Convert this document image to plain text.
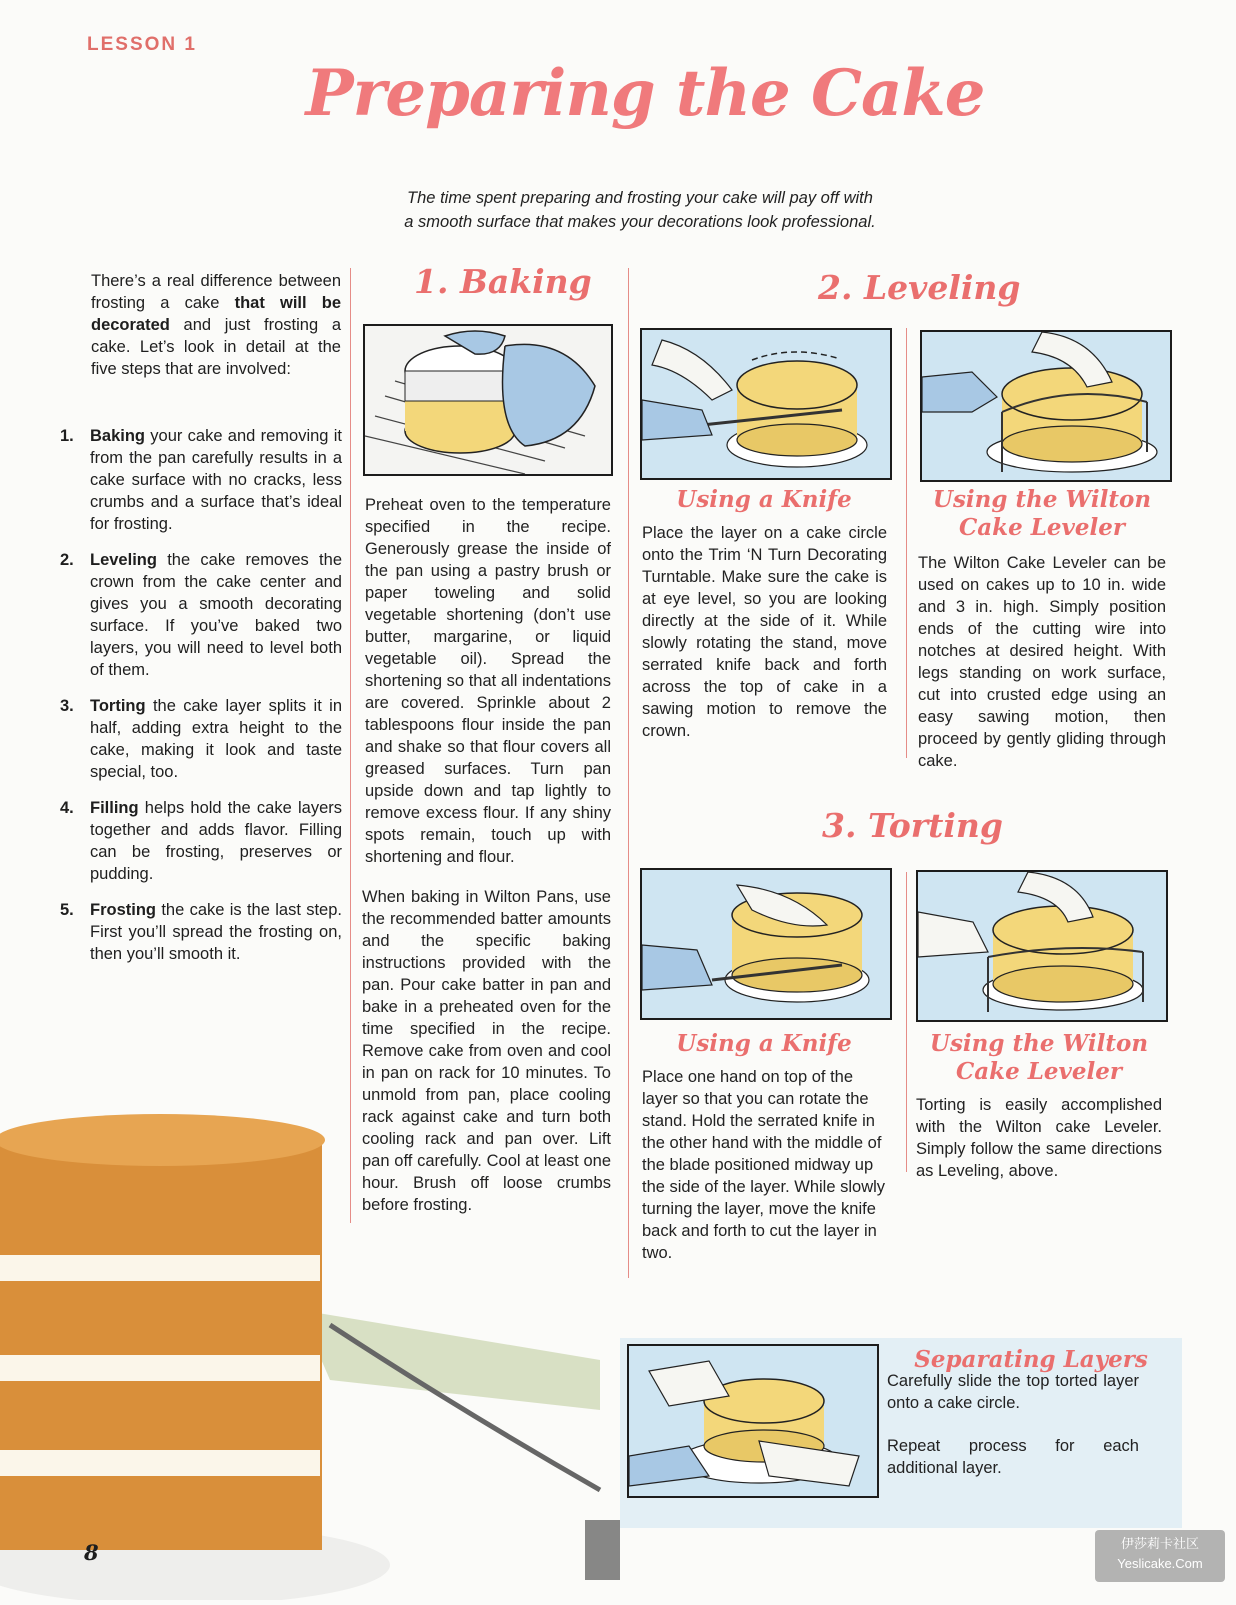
LESSON 1
Preparing the Cake
The time spent preparing and frosting your cake will pay off with
a smooth surface that makes your decorations look professional.
There’s a real difference between frosting a cake that will be decorated and just frosting a cake. Let’s look in detail at the five steps that are involved:
1. Baking your cake and removing it from the pan carefully results in a cake surface with no cracks, less crumbs and a surface that’s ideal for frosting.
2. Leveling the cake removes the crown from the cake center and gives you a smooth decorating surface. If you’ve baked two layers, you will need to level both of them.
3. Torting the cake layer splits it in half, adding extra height to the cake, making it look and taste special, too.
4. Filling helps hold the cake layers together and adds flavor. Filling can be frosting, preserves or pudding.
5. Frosting the cake is the last step. First you’ll spread the frosting on, then you’ll smooth it.
1. Baking
Preheat oven to the temperature specified in the recipe. Generously grease the inside of the pan using a pastry brush or paper toweling and solid vegetable shortening (don’t use butter, margarine, or liquid vegetable oil). Spread the shortening so that all indentations are covered. Sprinkle about 2 tablespoons flour inside the pan and shake so that flour covers all greased surfaces. Turn pan upside down and tap lightly to remove excess flour. If any shiny spots remain, touch up with shortening and flour.
When baking in Wilton Pans, use the recommended batter amounts and the specific baking instructions provided with the pan. Pour cake batter in pan and bake in a preheated oven for the time specified in the recipe. Remove cake from oven and cool in pan on rack for 10 minutes. To unmold from pan, place cooling rack against cake and turn both cooling rack and pan over. Lift pan off carefully. Cool at least one hour. Brush off loose crumbs before frosting.
2. Leveling
Using a Knife
Place the layer on a cake circle onto the Trim ‘N Turn Decorating Turntable. Make sure the cake is at eye level, so you are looking directly at the side of it. While slowly rotating the stand, move serrated knife back and forth across the top of cake in a sawing motion to remove the crown.
Using the Wilton
Cake Leveler
The Wilton Cake Leveler can be used on cakes up to 10 in. wide and 3 in. high. Simply position ends of the cutting wire into notches at desired height. With legs standing on work surface, cut into crusted edge using an easy sawing motion, then proceed by gently gliding through cake.
3. Torting
Using a Knife
Place one hand on top of the layer so that you can rotate the stand. Hold the serrated knife in the other hand with the middle of the blade positioned midway up the side of the layer. While slowly turning the layer, move the knife back and forth to cut the layer in two.
Using the Wilton
Cake Leveler
Torting is easily accomplished with the Wilton cake Leveler. Simply follow the same directions as Leveling, above.
Separating Layers
Carefully slide the top torted layer onto a cake circle.
Repeat process for each additional layer.
8	伊莎莉卡社区
Yeslicake.Com
